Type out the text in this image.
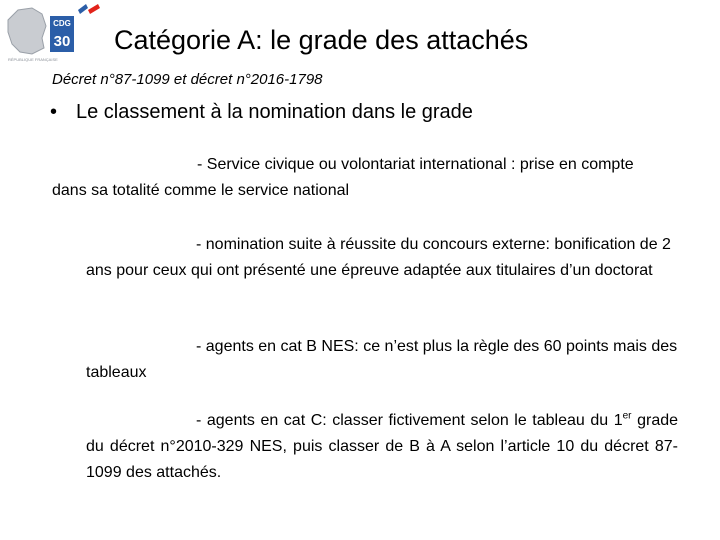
CDG
30
RÉPUBLIQUE FRANÇAISE
Catégorie A: le grade des attachés
Décret n°87-1099 et décret n°2016-1798
• Le classement à la nomination dans le grade
- Service civique ou volontariat international : prise en compte dans sa totalité comme le service national
- nomination suite à réussite du concours externe: bonification de 2 ans pour ceux qui ont présenté une épreuve adaptée aux titulaires d’un doctorat
- agents en cat B NES: ce n’est plus la règle des 60 points mais des tableaux
- agents en cat C: classer fictivement selon le tableau du 1er grade du décret n°2010-329 NES, puis classer de B à A selon l’article 10 du décret 87-1099 des attachés.
